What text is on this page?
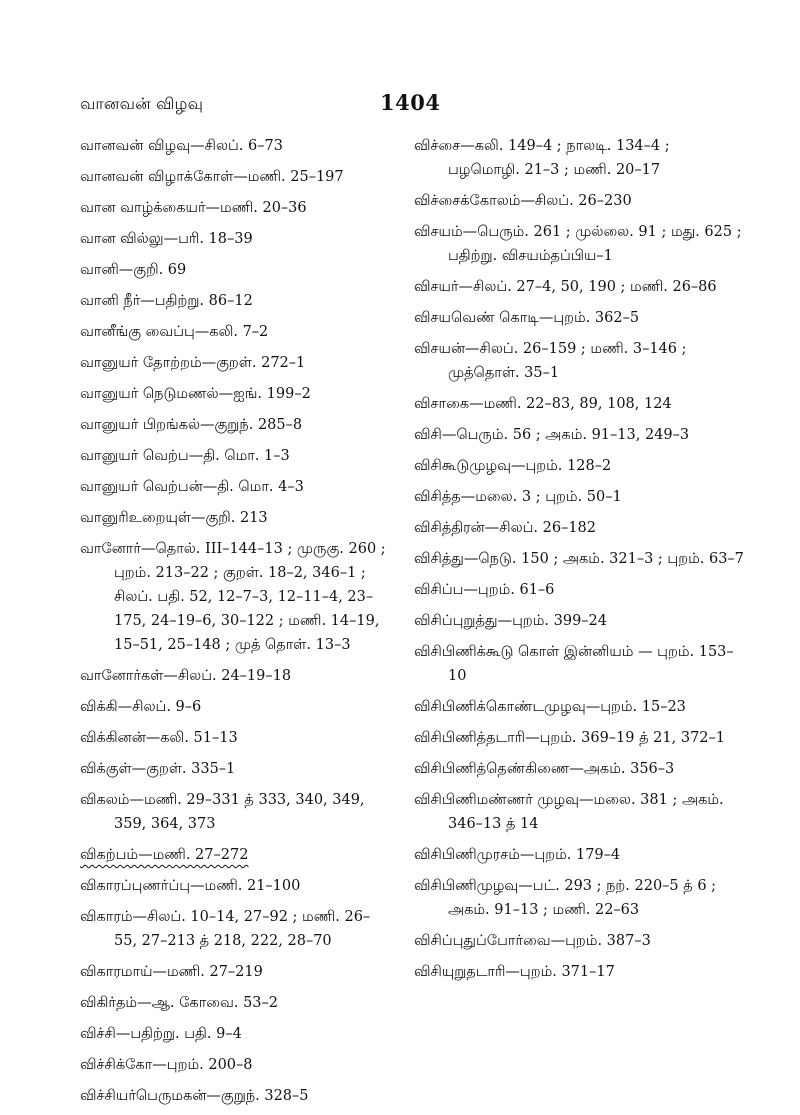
வானவன் விழவு	1404
வானவன் விழவு—சிலப். 6–73
வானவன் விழாக்கோள்—மணி. 25–197
வான வாழ்க்கையர்—மணி. 20–36
வான வில்லு—பரி. 18–39
வானி—குறி. 69
வானி நீர்—பதிற்று. 86–12
வானீங்கு வைப்பு—கலி. 7–2
வானுயர் தோற்றம்—குறள். 272–1
வானுயர் நெடுமணல்—ஐங். 199–2
வானுயர் பிறங்கல்—குறுந். 285–8
வானுயர் வெற்ப—தி. மொ. 1–3
வானுயர் வெற்பன்—தி. மொ. 4–3
வானுரிஉறையுள்—குறி. 213
வானோர்—தொல். III–144–13 ; முருகு. 260 ; புறம். 213–22 ; குறள். 18–2, 346–1 ; சிலப். பதி. 52, 12–7–3, 12–11–4, 23–175, 24–19–6, 30–122 ; மணி. 14–19, 15–51, 25–148 ; முத் தொள். 13–3
வானோர்கள்—சிலப். 24–19–18
விக்கி—சிலப். 9–6
விக்கினன்—கலி. 51–13
விக்குள்—குறள். 335–1
விகலம்—மணி. 29–331 த் 333, 340, 349, 359, 364, 373
விகற்பம்—மணி. 27–272
விகாரப்புணர்ப்பு—மணி. 21–100
விகாரம்—சிலப். 10–14, 27–92 ; மணி. 26–55, 27–213 த் 218, 222, 28–70
விகாரமாய்—மணி. 27–219
விகிர்தம்—ஆ. கோவை. 53–2
விச்சி—பதிற்று. பதி. 9–4
விச்சிக்கோ—புறம். 200–8
விச்சியர்பெருமகன்—குறுந். 328–5
விச்சை—கலி. 149–4 ; நாலடி. 134–4 ; பழமொழி. 21–3 ; மணி. 20–17
விச்சைக்கோலம்—சிலப். 26–230
விசயம்—பெரும். 261 ; முல்லை. 91 ; மது. 625 ; பதிற்று. விசயம்தப்பிய–1
விசயர்—சிலப். 27–4, 50, 190 ; மணி. 26–86
விசயவெண் கொடி—புறம். 362–5
விசயன்—சிலப். 26–159 ; மணி. 3–146 ; முத்தொள். 35–1
விசாகை—மணி. 22–83, 89, 108, 124
விசி—பெரும். 56 ; அகம். 91–13, 249–3
விசிகூடுமுழவு—புறம். 128–2
விசித்த—மலை. 3 ; புறம். 50–1
விசித்திரன்—சிலப். 26–182
விசித்து—நெடு. 150 ; அகம். 321–3 ; புறம். 63–7
விசிப்ப—புறம். 61–6
விசிப்புறுத்து—புறம். 399–24
விசிபிணிக்கூடு கொள் இன்னியம் — புறம். 153–10
விசிபிணிக்கொண்டமுழவு—புறம். 15–23
விசிபிணித்தடாரி—புறம். 369–19 த் 21, 372–1
விசிபிணித்தெண்கிணை—அகம். 356–3
விசிபிணிமண்ணர் முழவு—மலை. 381 ; அகம். 346–13 த் 14
விசிபிணிமுரசம்—புறம். 179–4
விசிபிணிமுழவு—பட். 293 ; நற். 220–5 த் 6 ; அகம். 91–13 ; மணி. 22–63
விசிப்புதுப்போர்வை—புறம். 387–3
விசியுறுதடாரி—புறம். 371–17
